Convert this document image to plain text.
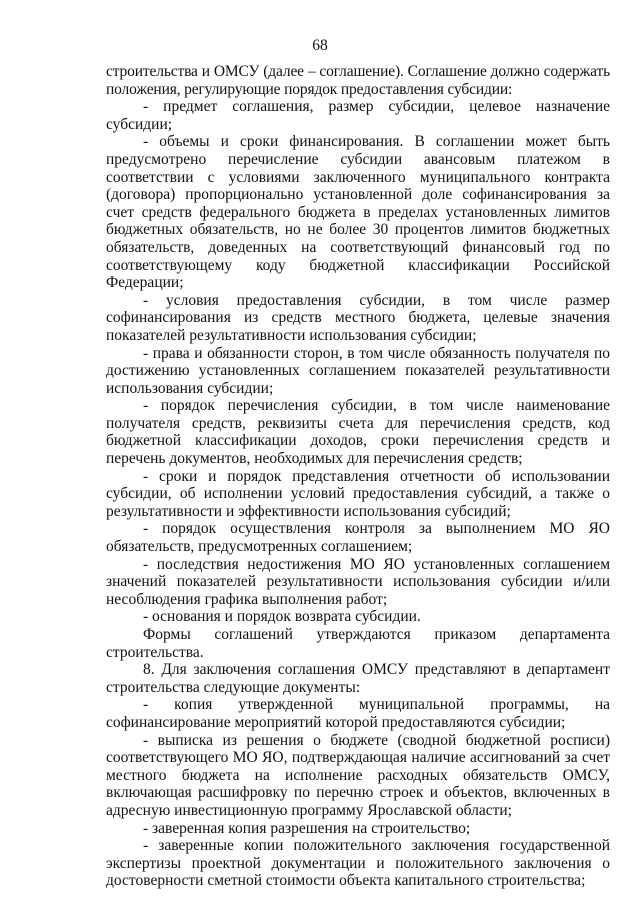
68

строительства и ОМСУ (далее – соглашение). Соглашение должно содержать положения, регулирующие порядок предоставления субсидии:

- предмет соглашения, размер субсидии, целевое назначение субсидии;

- объемы и сроки финансирования. В соглашении может быть предусмотрено перечисление субсидии авансовым платежом в соответствии с условиями заключенного муниципального контракта (договора) пропорционально установленной доле софинансирования за счет средств федерального бюджета в пределах установленных лимитов бюджетных обязательств, но не более 30 процентов лимитов бюджетных обязательств, доведенных на соответствующий финансовый год по соответствующему коду бюджетной классификации Российской Федерации;

- условия предоставления субсидии, в том числе размер софинансирования из средств местного бюджета, целевые значения показателей результативности использования субсидии;

- права и обязанности сторон, в том числе обязанность получателя по достижению установленных соглашением показателей результативности использования субсидии;

- порядок перечисления субсидии, в том числе наименование получателя средств, реквизиты счета для перечисления средств, код бюджетной классификации доходов, сроки перечисления средств и перечень документов, необходимых для перечисления средств;

- сроки и порядок представления отчетности об использовании субсидии, об исполнении условий предоставления субсидий, а также о результативности и эффективности использования субсидий;

- порядок осуществления контроля за выполнением МО ЯО обязательств, предусмотренных соглашением;

- последствия недостижения МО ЯО установленных соглашением значений показателей результативности использования субсидии и/или несоблюдения графика выполнения работ;

- основания и порядок возврата субсидии.

Формы соглашений утверждаются приказом департамента строительства.

8. Для заключения соглашения ОМСУ представляют в департамент строительства следующие документы:

- копия утвержденной муниципальной программы, на софинансирование мероприятий которой предоставляются субсидии;

- выписка из решения о бюджете (сводной бюджетной росписи) соответствующего МО ЯО, подтверждающая наличие ассигнований за счет местного бюджета на исполнение расходных обязательств ОМСУ, включающая расшифровку по перечню строек и объектов, включенных в адресную инвестиционную программу Ярославской области;

- заверенная копия разрешения на строительство;

- заверенные копии положительного заключения государственной экспертизы проектной документации и положительного заключения о достоверности сметной стоимости объекта капитального строительства;
